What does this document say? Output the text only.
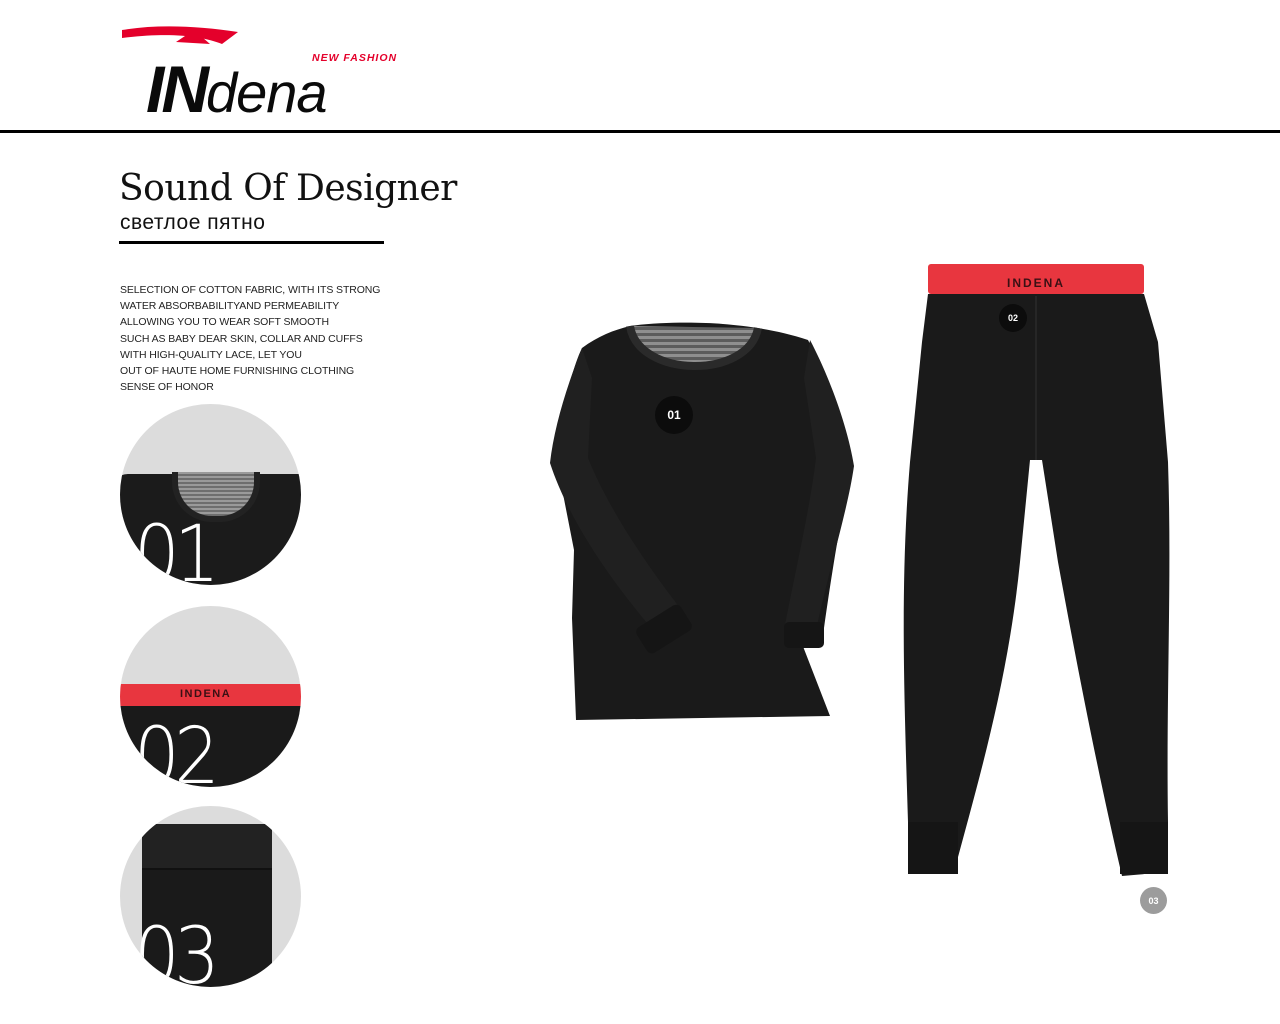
INdena
NEW FASHION
Sound Of Designer
светлое пятно
SELECTION OF COTTON FABRIC, WITH ITS STRONG
WATER ABSORBABILITYAND PERMEABILITY
ALLOWING YOU TO WEAR SOFT SMOOTH
SUCH AS BABY DEAR SKIN, COLLAR AND CUFFS
WITH HIGH-QUALITY LACE, LET YOU
OUT OF HAUTE HOME FURNISHING CLOTHING
SENSE OF HONOR
01
INDENA
02
03
INDENA
01
02
03
